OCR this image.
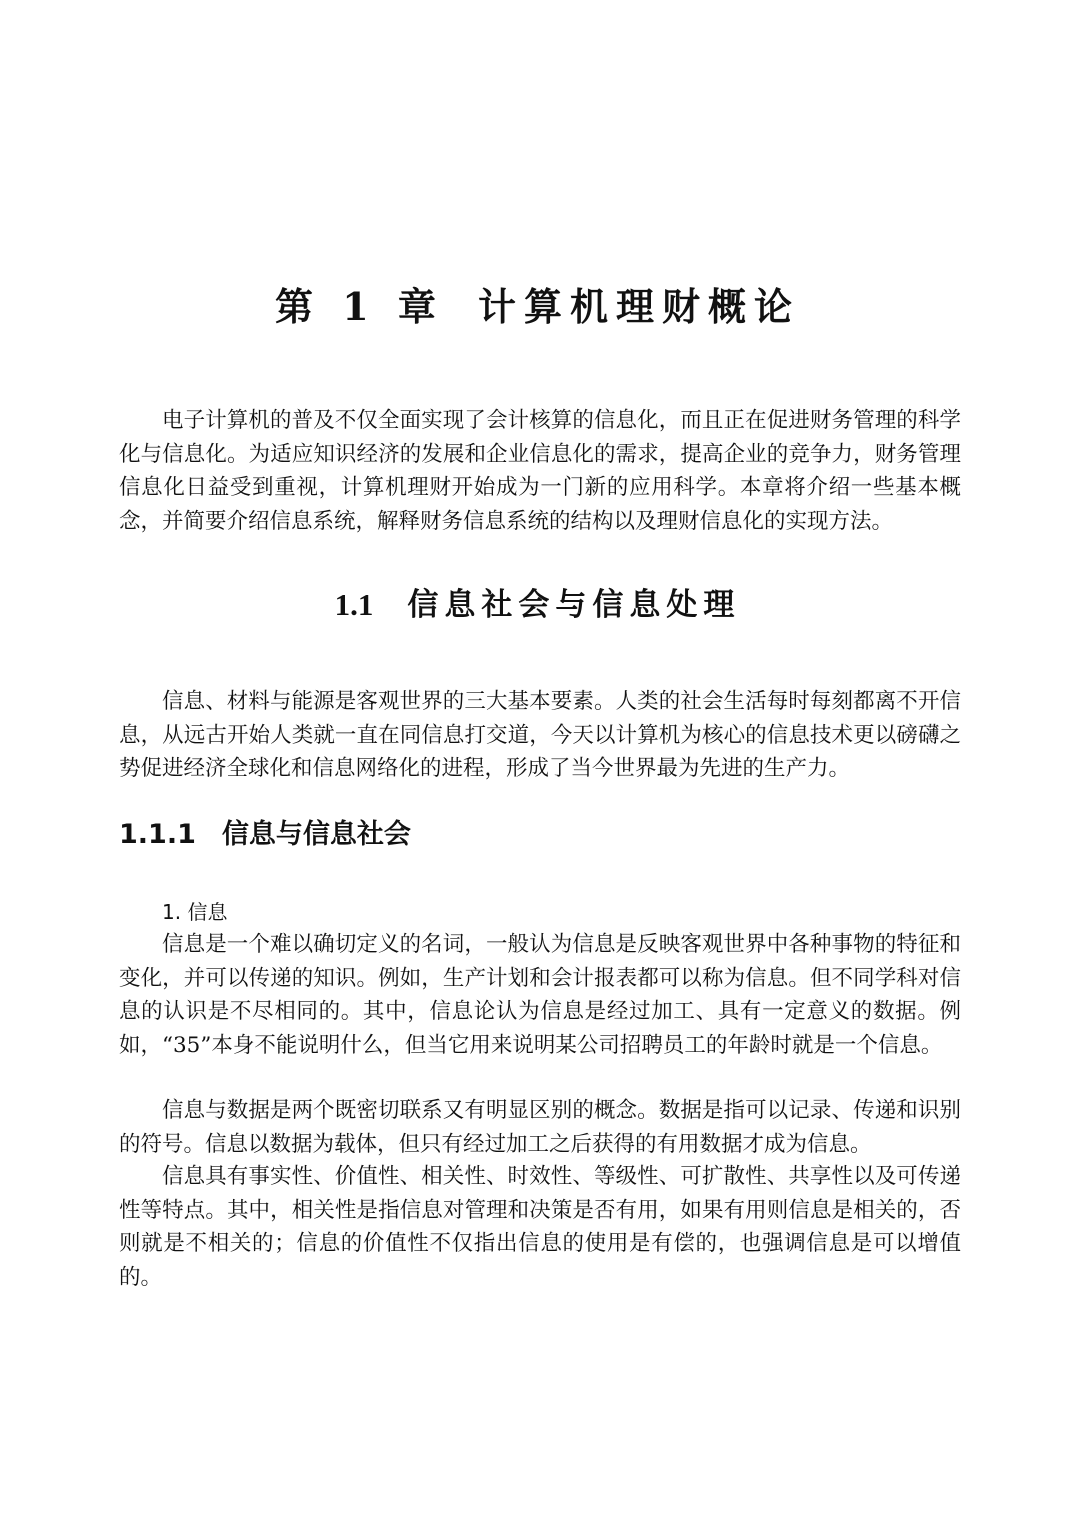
第 1 章 计算机理财概论

电子计算机的普及不仅全面实现了会计核算的信息化，而且正在促进财务管理的科学化与信息化。为适应知识经济的发展和企业信息化的需求，提高企业的竞争力，财务管理信息化日益受到重视，计算机理财开始成为一门新的应用科学。本章将介绍一些基本概念，并简要介绍信息系统，解释财务信息系统的结构以及理财信息化的实现方法。

1.1 信息社会与信息处理

信息、材料与能源是客观世界的三大基本要素。人类的社会生活每时每刻都离不开信息，从远古开始人类就一直在同信息打交道，今天以计算机为核心的信息技术更以磅礴之势促进经济全球化和信息网络化的进程，形成了当今世界最为先进的生产力。

1.1.1 信息与信息社会
1. 信息

信息是一个难以确切定义的名词，一般认为信息是反映客观世界中各种事物的特征和变化，并可以传递的知识。例如，生产计划和会计报表都可以称为信息。但不同学科对信息的认识是不尽相同的。其中，信息论认为信息是经过加工、具有一定意义的数据。例如，“35”本身不能说明什么，但当它用来说明某公司招聘员工的年龄时就是一个信息。

信息与数据是两个既密切联系又有明显区别的概念。数据是指可以记录、传递和识别的符号。信息以数据为载体，但只有经过加工之后获得的有用数据才成为信息。

信息具有事实性、价值性、相关性、时效性、等级性、可扩散性、共享性以及可传递性等特点。其中，相关性是指信息对管理和决策是否有用，如果有用则信息是相关的，否则就是不相关的；信息的价值性不仅指出信息的使用是有偿的，也强调信息是可以增值的。
